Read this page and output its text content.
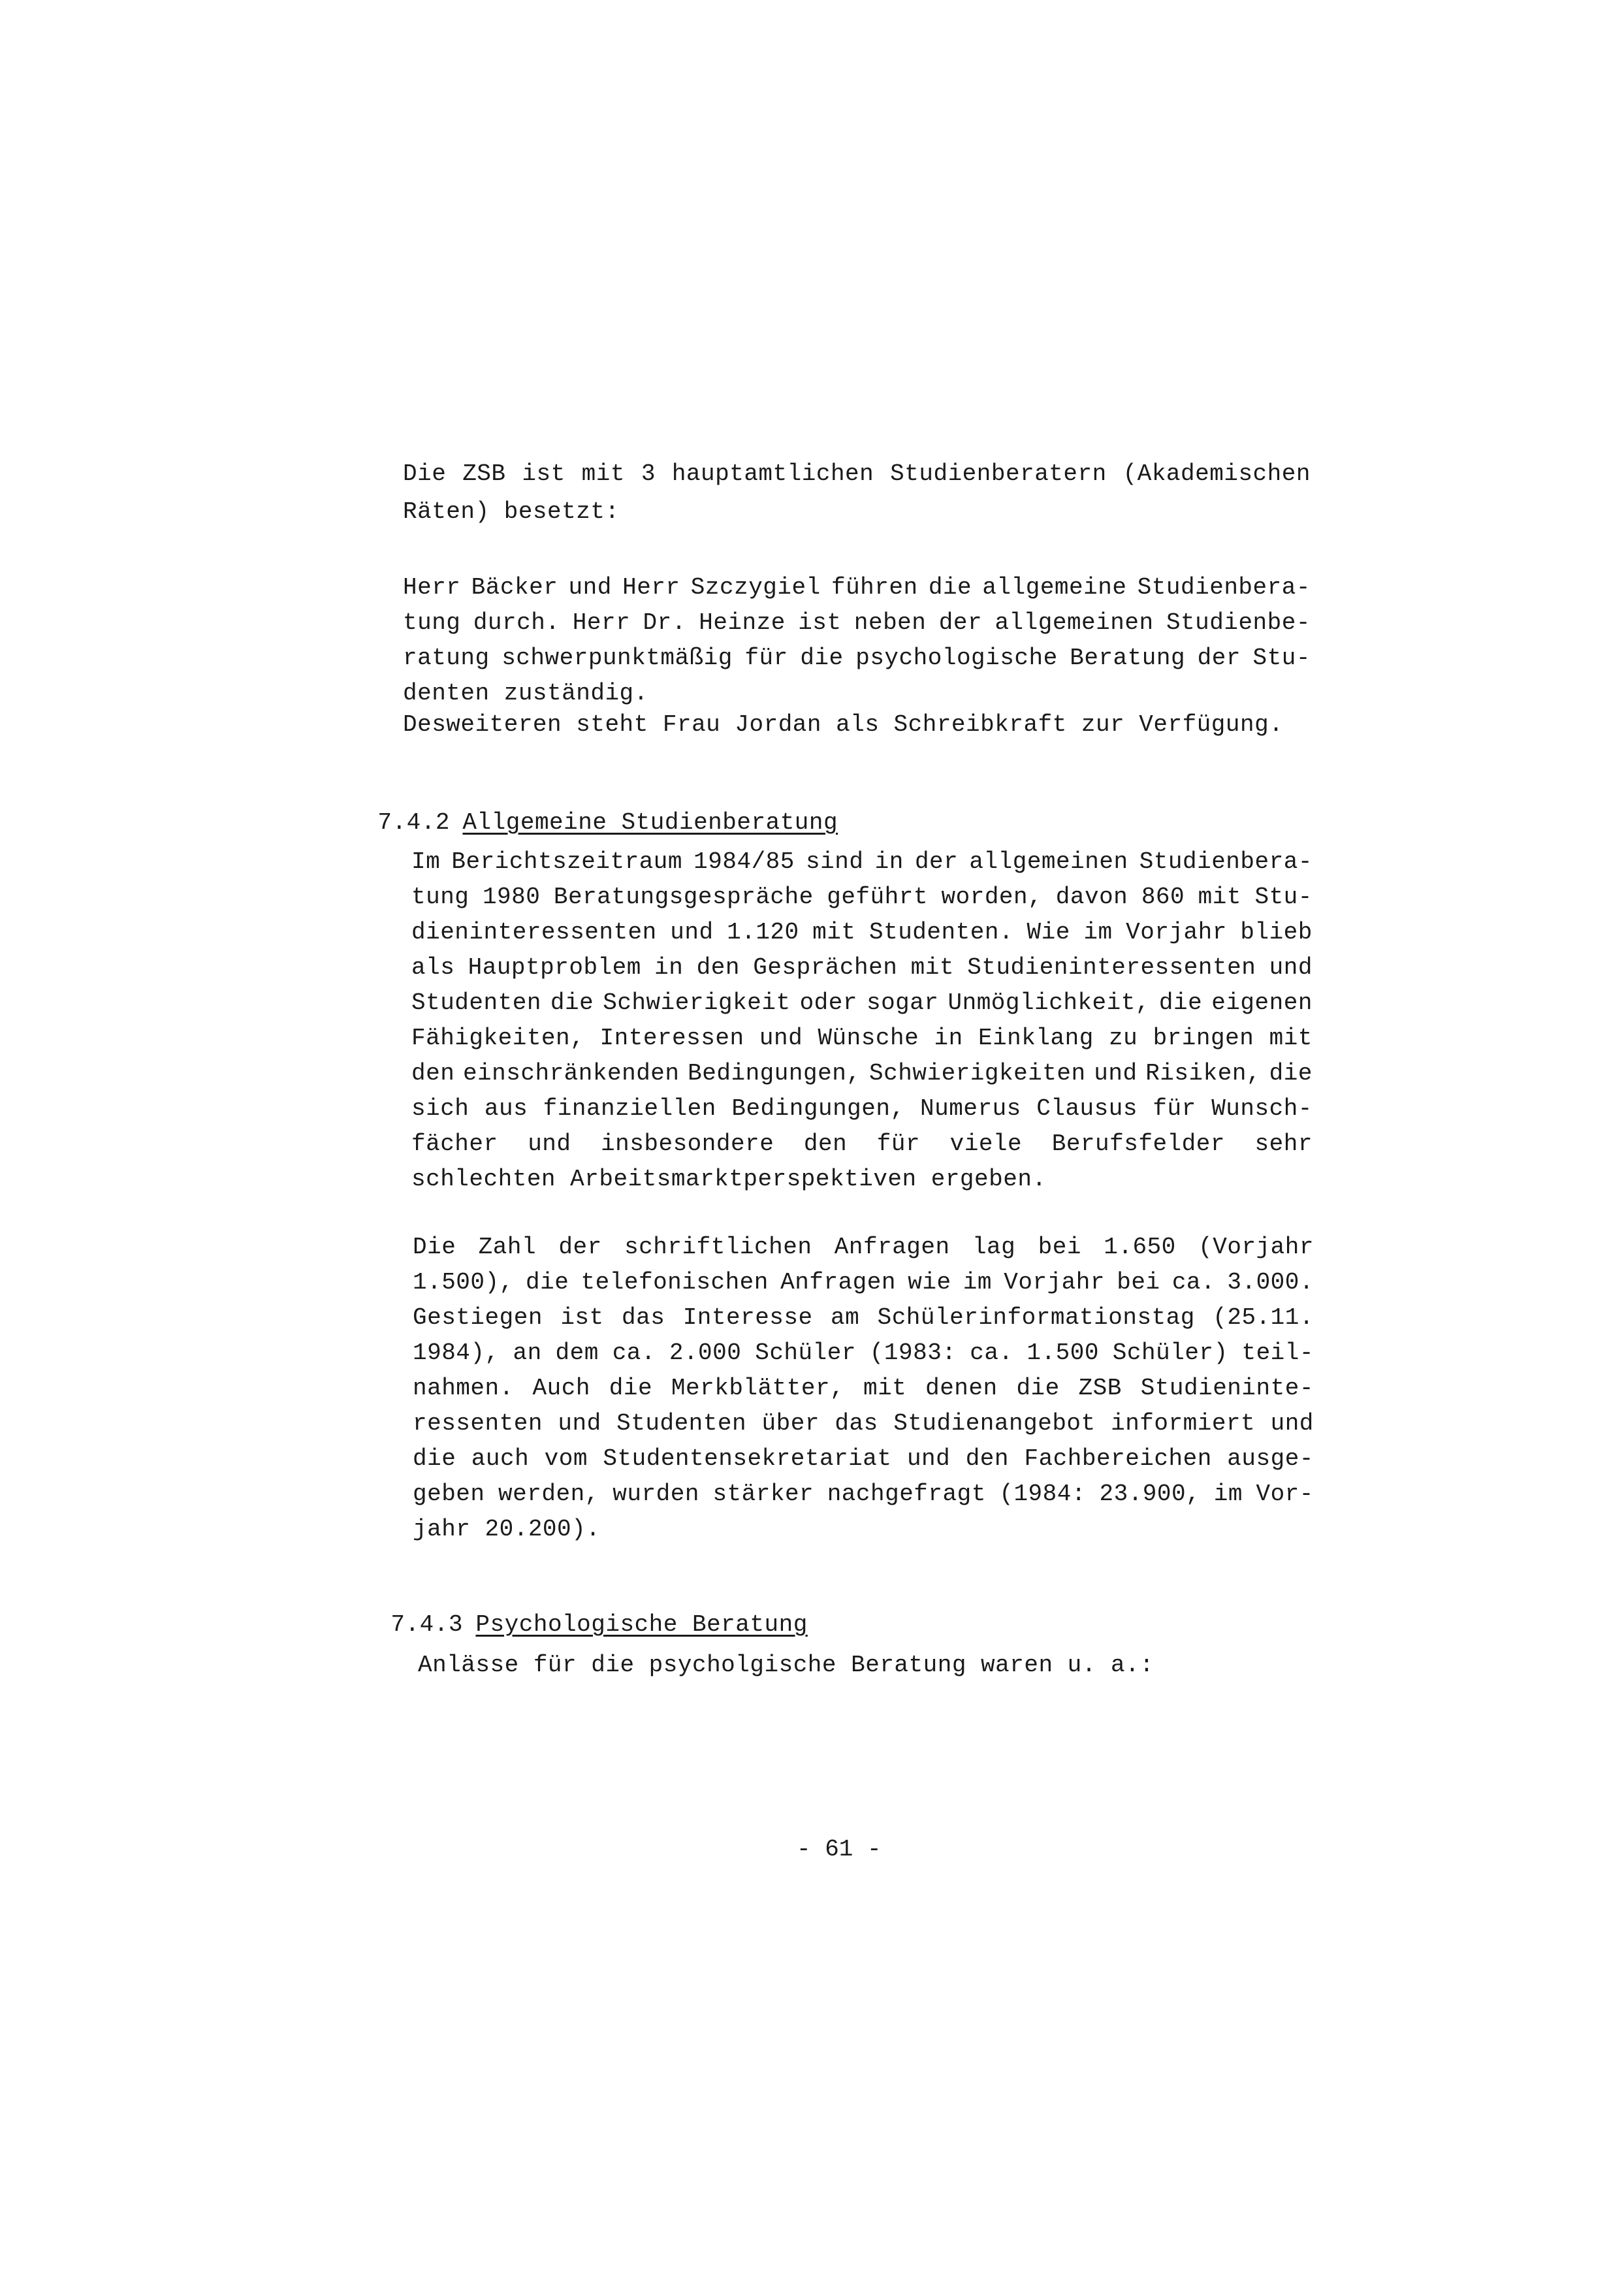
Die ZSB ist mit 3 hauptamtlichen Studienberatern (Akademischen
Räten) besetzt:
Herr Bäcker und Herr Szczygiel führen die allgemeine Studienbera-
tung durch. Herr Dr. Heinze ist neben der allgemeinen Studienbe-
ratung schwerpunktmäßig für die psychologische Beratung der Stu-
denten zuständig.
Desweiteren steht Frau Jordan als Schreibkraft zur Verfügung.

7.4.2 Allgemeine Studienberatung

Im Berichtszeitraum 1984/85 sind in der allgemeinen Studienbera-
tung 1980 Beratungsgespräche geführt worden, davon 860 mit Stu-
dieninteressenten und 1.120 mit Studenten. Wie im Vorjahr blieb
als Hauptproblem in den Gesprächen mit Studieninteressenten und
Studenten die Schwierigkeit oder sogar Unmöglichkeit, die eigenen
Fähigkeiten, Interessen und Wünsche in Einklang zu bringen mit
den einschränkenden Bedingungen, Schwierigkeiten und Risiken, die
sich aus finanziellen Bedingungen, Numerus Clausus für Wunsch-
fächer und insbesondere den für viele Berufsfelder sehr
schlechten Arbeitsmarktperspektiven ergeben.
Die Zahl der schriftlichen Anfragen lag bei 1.650 (Vorjahr
1.500), die telefonischen Anfragen wie im Vorjahr bei ca. 3.000.
Gestiegen ist das Interesse am Schülerinformationstag (25.11.
1984), an dem ca. 2.000 Schüler (1983: ca. 1.500 Schüler) teil-
nahmen. Auch die Merkblätter, mit denen die ZSB Studieninte-
ressenten und Studenten über das Studienangebot informiert und
die auch vom Studentensekretariat und den Fachbereichen ausge-
geben werden, wurden stärker nachgefragt (1984: 23.900, im Vor-
jahr 20.200).

7.4.3 Psychologische Beratung

Anlässe für die psycholgische Beratung waren u. a.:
- 61 -
